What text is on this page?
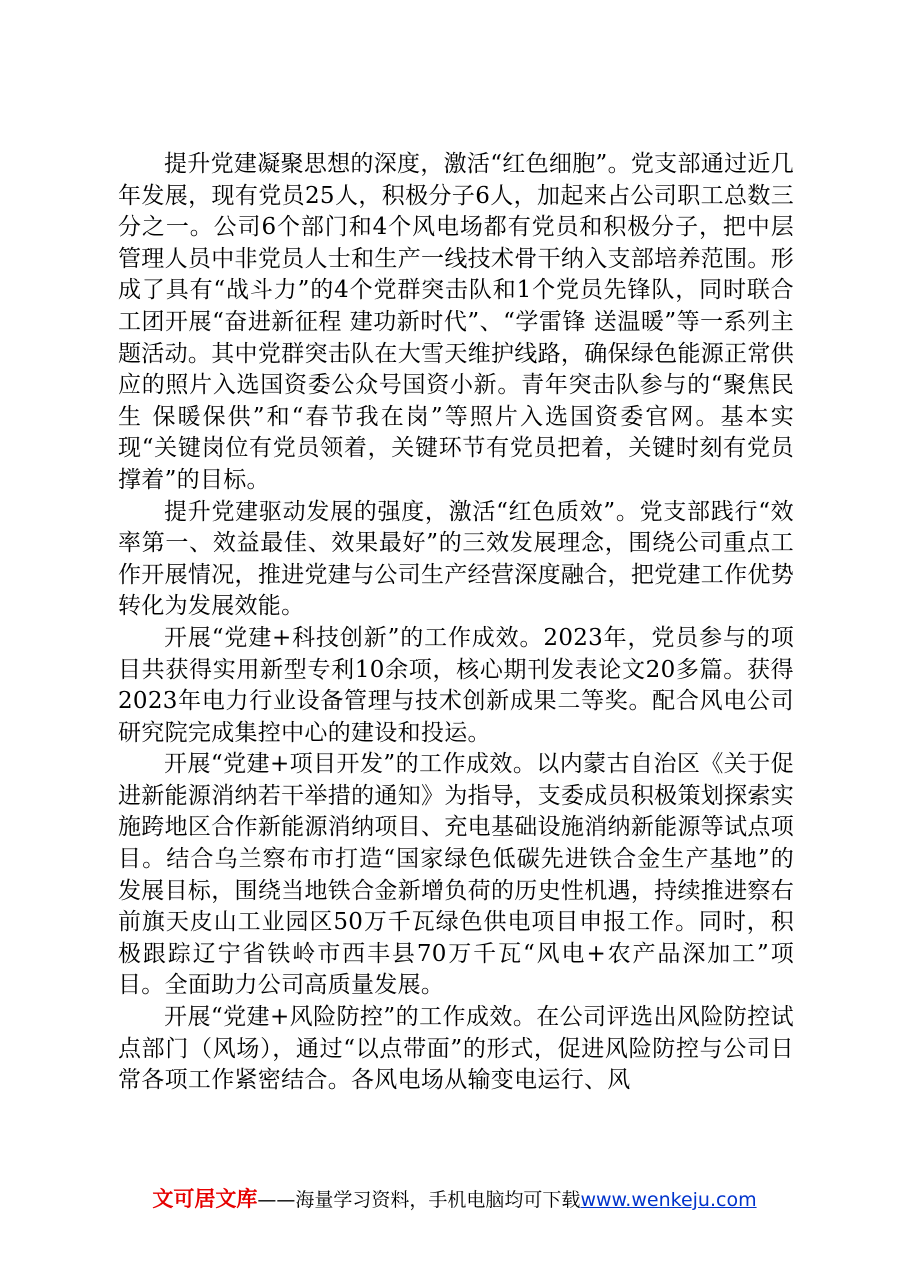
提升党建凝聚思想的深度，激活“红色细胞”。党支部通过近几年发展，现有党员25人，积极分子6人，加起来占公司职工总数三分之一。公司6个部门和4个风电场都有党员和积极分子，把中层管理人员中非党员人士和生产一线技术骨干纳入支部培养范围。形成了具有“战斗力”的4个党群突击队和1个党员先锋队，同时联合工团开展“奋进新征程 建功新时代”、“学雷锋 送温暖”等一系列主题活动。其中党群突击队在大雪天维护线路，确保绿色能源正常供应的照片入选国资委公众号国资小新。青年突击队参与的“聚焦民生 保暖保供”和“春节我在岗”等照片入选国资委官网。基本实现“关键岗位有党员领着，关键环节有党员把着，关键时刻有党员撑着”的目标。

提升党建驱动发展的强度，激活“红色质效”。党支部践行“效率第一、效益最佳、效果最好”的三效发展理念，围绕公司重点工作开展情况，推进党建与公司生产经营深度融合，把党建工作优势转化为发展效能。

开展“党建+科技创新”的工作成效。2023年，党员参与的项目共获得实用新型专利10余项，核心期刊发表论文20多篇。获得2023年电力行业设备管理与技术创新成果二等奖。配合风电公司研究院完成集控中心的建设和投运。

开展“党建+项目开发”的工作成效。以内蒙古自治区《关于促进新能源消纳若干举措的通知》为指导，支委成员积极策划探索实施跨地区合作新能源消纳项目、充电基础设施消纳新能源等试点项目。结合乌兰察布市打造“国家绿色低碳先进铁合金生产基地”的发展目标，围绕当地铁合金新增负荷的历史性机遇，持续推进察右前旗天皮山工业园区50万千瓦绿色供电项目申报工作。同时，积极跟踪辽宁省铁岭市西丰县70万千瓦“风电+农产品深加工”项目。全面助力公司高质量发展。

开展“党建+风险防控”的工作成效。在公司评选出风险防控试点部门（风场），通过“以点带面”的形式，促进风险防控与公司日常各项工作紧密结合。各风电场从输变电运行、风

文可居文库——海量学习资料，手机电脑均可下载www.wenkeju.com
